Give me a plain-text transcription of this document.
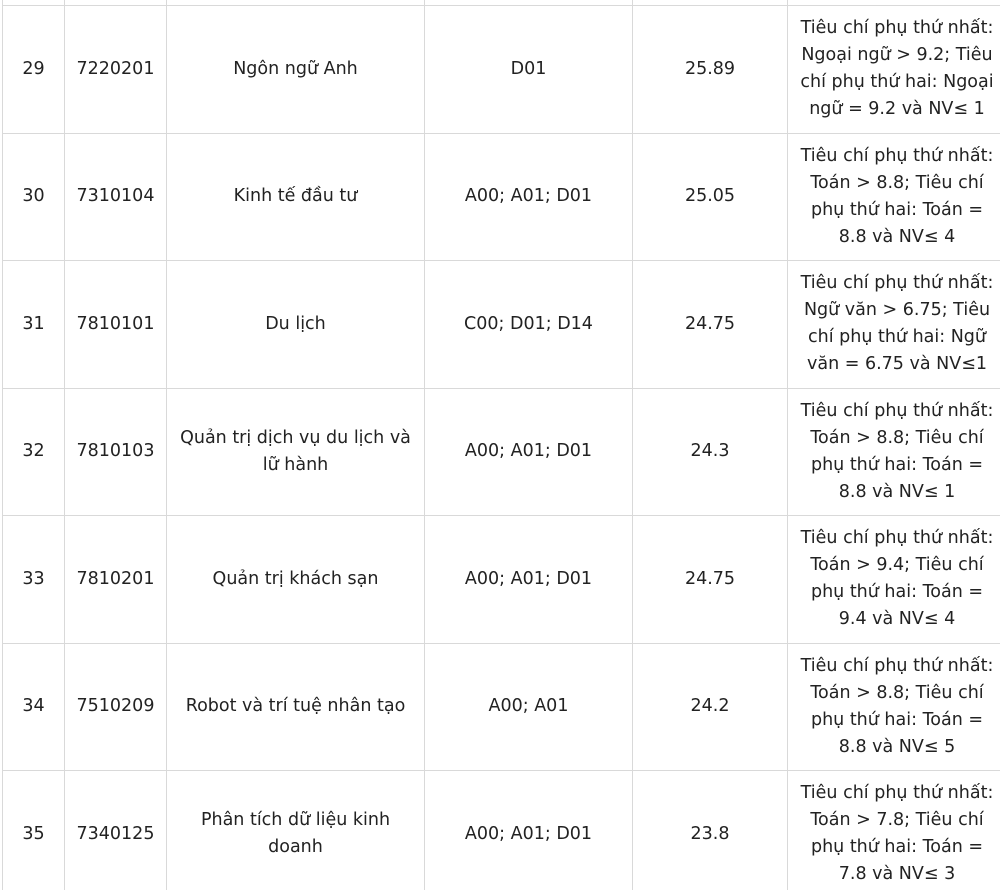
29	7220201	Ngôn ngữ Anh	D01	25.89	Tiêu chí phụ thứ nhất: Ngoại ngữ > 9.2; Tiêu chí phụ thứ hai: Ngoại ngữ = 9.2 và NV≤ 1
30	7310104	Kinh tế đầu tư	A00; A01; D01	25.05	Tiêu chí phụ thứ nhất: Toán > 8.8; Tiêu chí phụ thứ hai: Toán = 8.8 và NV≤ 4
31	7810101	Du lịch	C00; D01; D14	24.75	Tiêu chí phụ thứ nhất: Ngữ văn > 6.75; Tiêu chí phụ thứ hai: Ngữ văn = 6.75 và NV≤1
32	7810103	Quản trị dịch vụ du lịch và lữ hành	A00; A01; D01	24.3	Tiêu chí phụ thứ nhất: Toán > 8.8; Tiêu chí phụ thứ hai: Toán = 8.8 và NV≤ 1
33	7810201	Quản trị khách sạn	A00; A01; D01	24.75	Tiêu chí phụ thứ nhất: Toán > 9.4; Tiêu chí phụ thứ hai: Toán = 9.4 và NV≤ 4
34	7510209	Robot và trí tuệ nhân tạo	A00; A01	24.2	Tiêu chí phụ thứ nhất: Toán > 8.8; Tiêu chí phụ thứ hai: Toán = 8.8 và NV≤ 5
35	7340125	Phân tích dữ liệu kinh doanh	A00; A01; D01	23.8	Tiêu chí phụ thứ nhất: Toán > 7.8; Tiêu chí phụ thứ hai: Toán = 7.8 và NV≤ 3
